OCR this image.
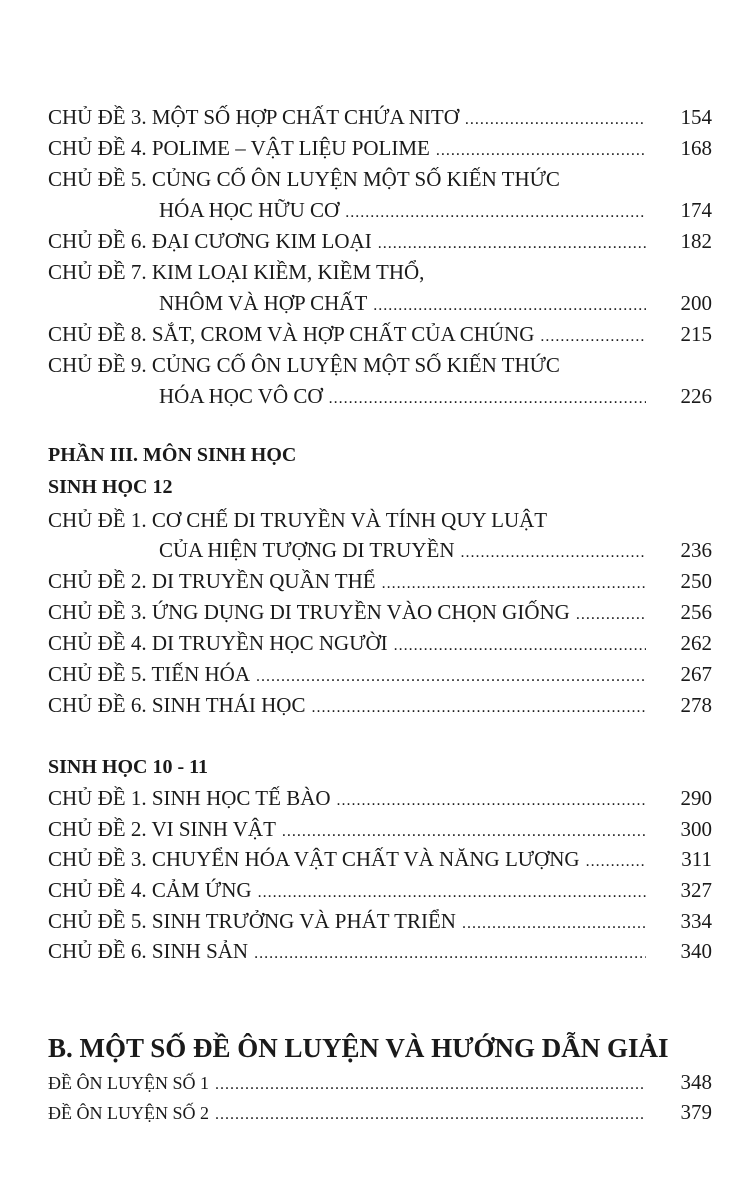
CHỦ ĐỀ 3. MỘT SỐ HỢP CHẤT CHỨA NITƠ .....	154
CHỦ ĐỀ 4. POLIME – VẬT LIỆU POLIME .....	168
CHỦ ĐỀ 5. CỦNG CỐ ÔN LUYỆN MỘT SỐ KIẾN THỨC
HÓA HỌC HỮU CƠ .....	174
CHỦ ĐỀ 6. ĐẠI CƯƠNG KIM LOẠI .....	182
CHỦ ĐỀ 7. KIM LOẠI KIỀM, KIỀM THỔ,
NHÔM VÀ HỢP CHẤT .....	200
CHỦ ĐỀ 8. SẮT, CROM VÀ HỢP CHẤT CỦA CHÚNG .....	215
CHỦ ĐỀ 9. CỦNG CỐ ÔN LUYỆN MỘT SỐ KIẾN THỨC
HÓA HỌC VÔ CƠ .....	226
PHẦN III. MÔN SINH HỌC
SINH HỌC 12
CHỦ ĐỀ 1. CƠ CHẾ DI TRUYỀN VÀ TÍNH QUY LUẬT
CỦA HIỆN TƯỢNG DI TRUYỀN .....	236
CHỦ ĐỀ 2. DI TRUYỀN QUẦN THỂ .....	250
CHỦ ĐỀ 3. ỨNG DỤNG DI TRUYỀN VÀO CHỌN GIỐNG .....	256
CHỦ ĐỀ 4. DI TRUYỀN HỌC NGƯỜI .....	262
CHỦ ĐỀ 5. TIẾN HÓA .....	267
CHỦ ĐỀ 6. SINH THÁI HỌC .....	278
SINH HỌC 10 - 11
CHỦ ĐỀ 1. SINH HỌC TẾ BÀO .....	290
CHỦ ĐỀ 2. VI SINH VẬT .....	300
CHỦ ĐỀ 3. CHUYỂN HÓA VẬT CHẤT VÀ NĂNG LƯỢNG .....	311
CHỦ ĐỀ 4. CẢM ỨNG .....	327
CHỦ ĐỀ 5. SINH TRƯỞNG VÀ PHÁT TRIỂN .....	334
CHỦ ĐỀ 6. SINH SẢN .....	340
B. MỘT SỐ ĐỀ ÔN LUYỆN VÀ HƯỚNG DẪN GIẢI
ĐỀ ÔN LUYỆN SỐ 1 .....	348
ĐỀ ÔN LUYỆN SỐ 2 .....	379
